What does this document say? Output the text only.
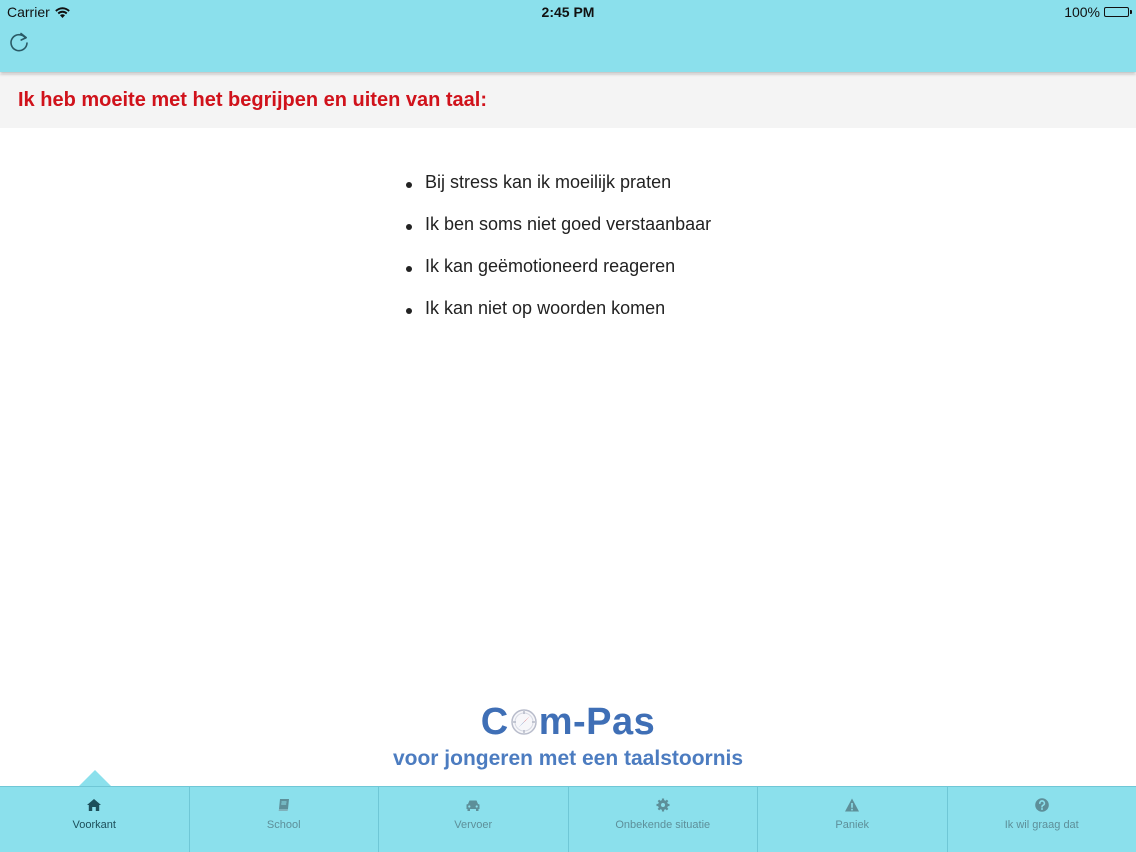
Carrier	2:45 PM	100%
Ik heb moeite met het begrijpen en uiten van taal:
Bij stress kan ik moeilijk praten
Ik ben soms niet goed verstaanbaar
Ik kan geëmotioneerd reageren
Ik kan niet op woorden komen
C m-Pas
voor jongeren met een taalstoornis
Voorkant	School	Vervoer	Onbekende situatie	Paniek	Ik wil graag dat
